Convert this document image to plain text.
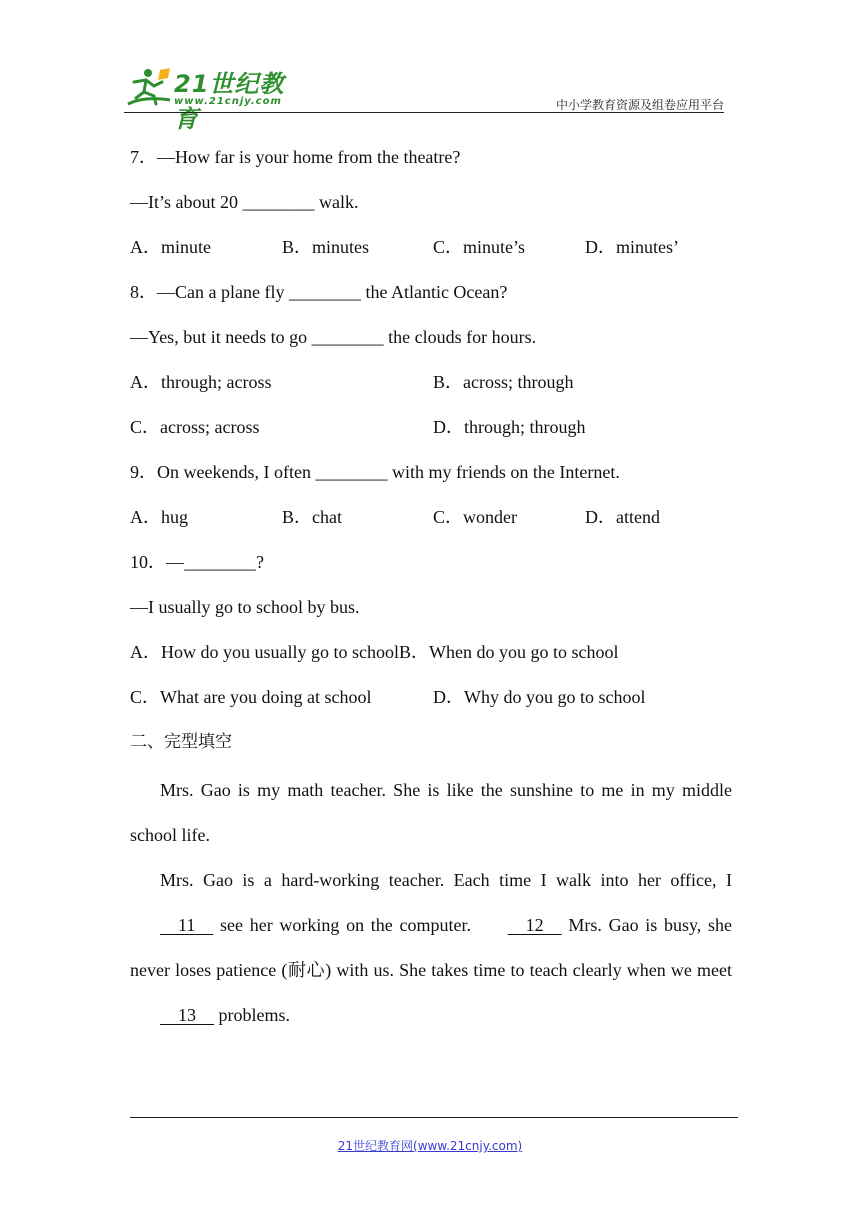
21世纪教育
www.21cnjy.com	中小学教育资源及组卷应用平台
7．—How far is your home from the theatre?
—It’s about 20 ________ walk.
A．minute	B．minutes	C．minute’s	D．minutes’
8．—Can a plane fly ________ the Atlantic Ocean?
—Yes, but it needs to go ________ the clouds for hours.
A．through; across	B．across; through
C．across; across	D．through; through
9．On weekends, I often ________ with my friends on the Internet.
A．hug	B．chat	C．wonder	D．attend
10．—________?
—I usually go to school by bus.
A．How do you usually go to schoolB．When do you go to school
C．What are you doing at school	D．Why do you go to school
二、完型填空

Mrs. Gao is my math teacher. She is like the sunshine to me in my middle school life.

Mrs. Gao is a hard-working teacher. Each time I walk into her office, I     11     see her working on the computer.     12     Mrs. Gao is busy, she never loses patience (耐心) with us. She takes time to teach clearly when we meet     13     problems.

21世纪教育网(www.21cnjy.com)
